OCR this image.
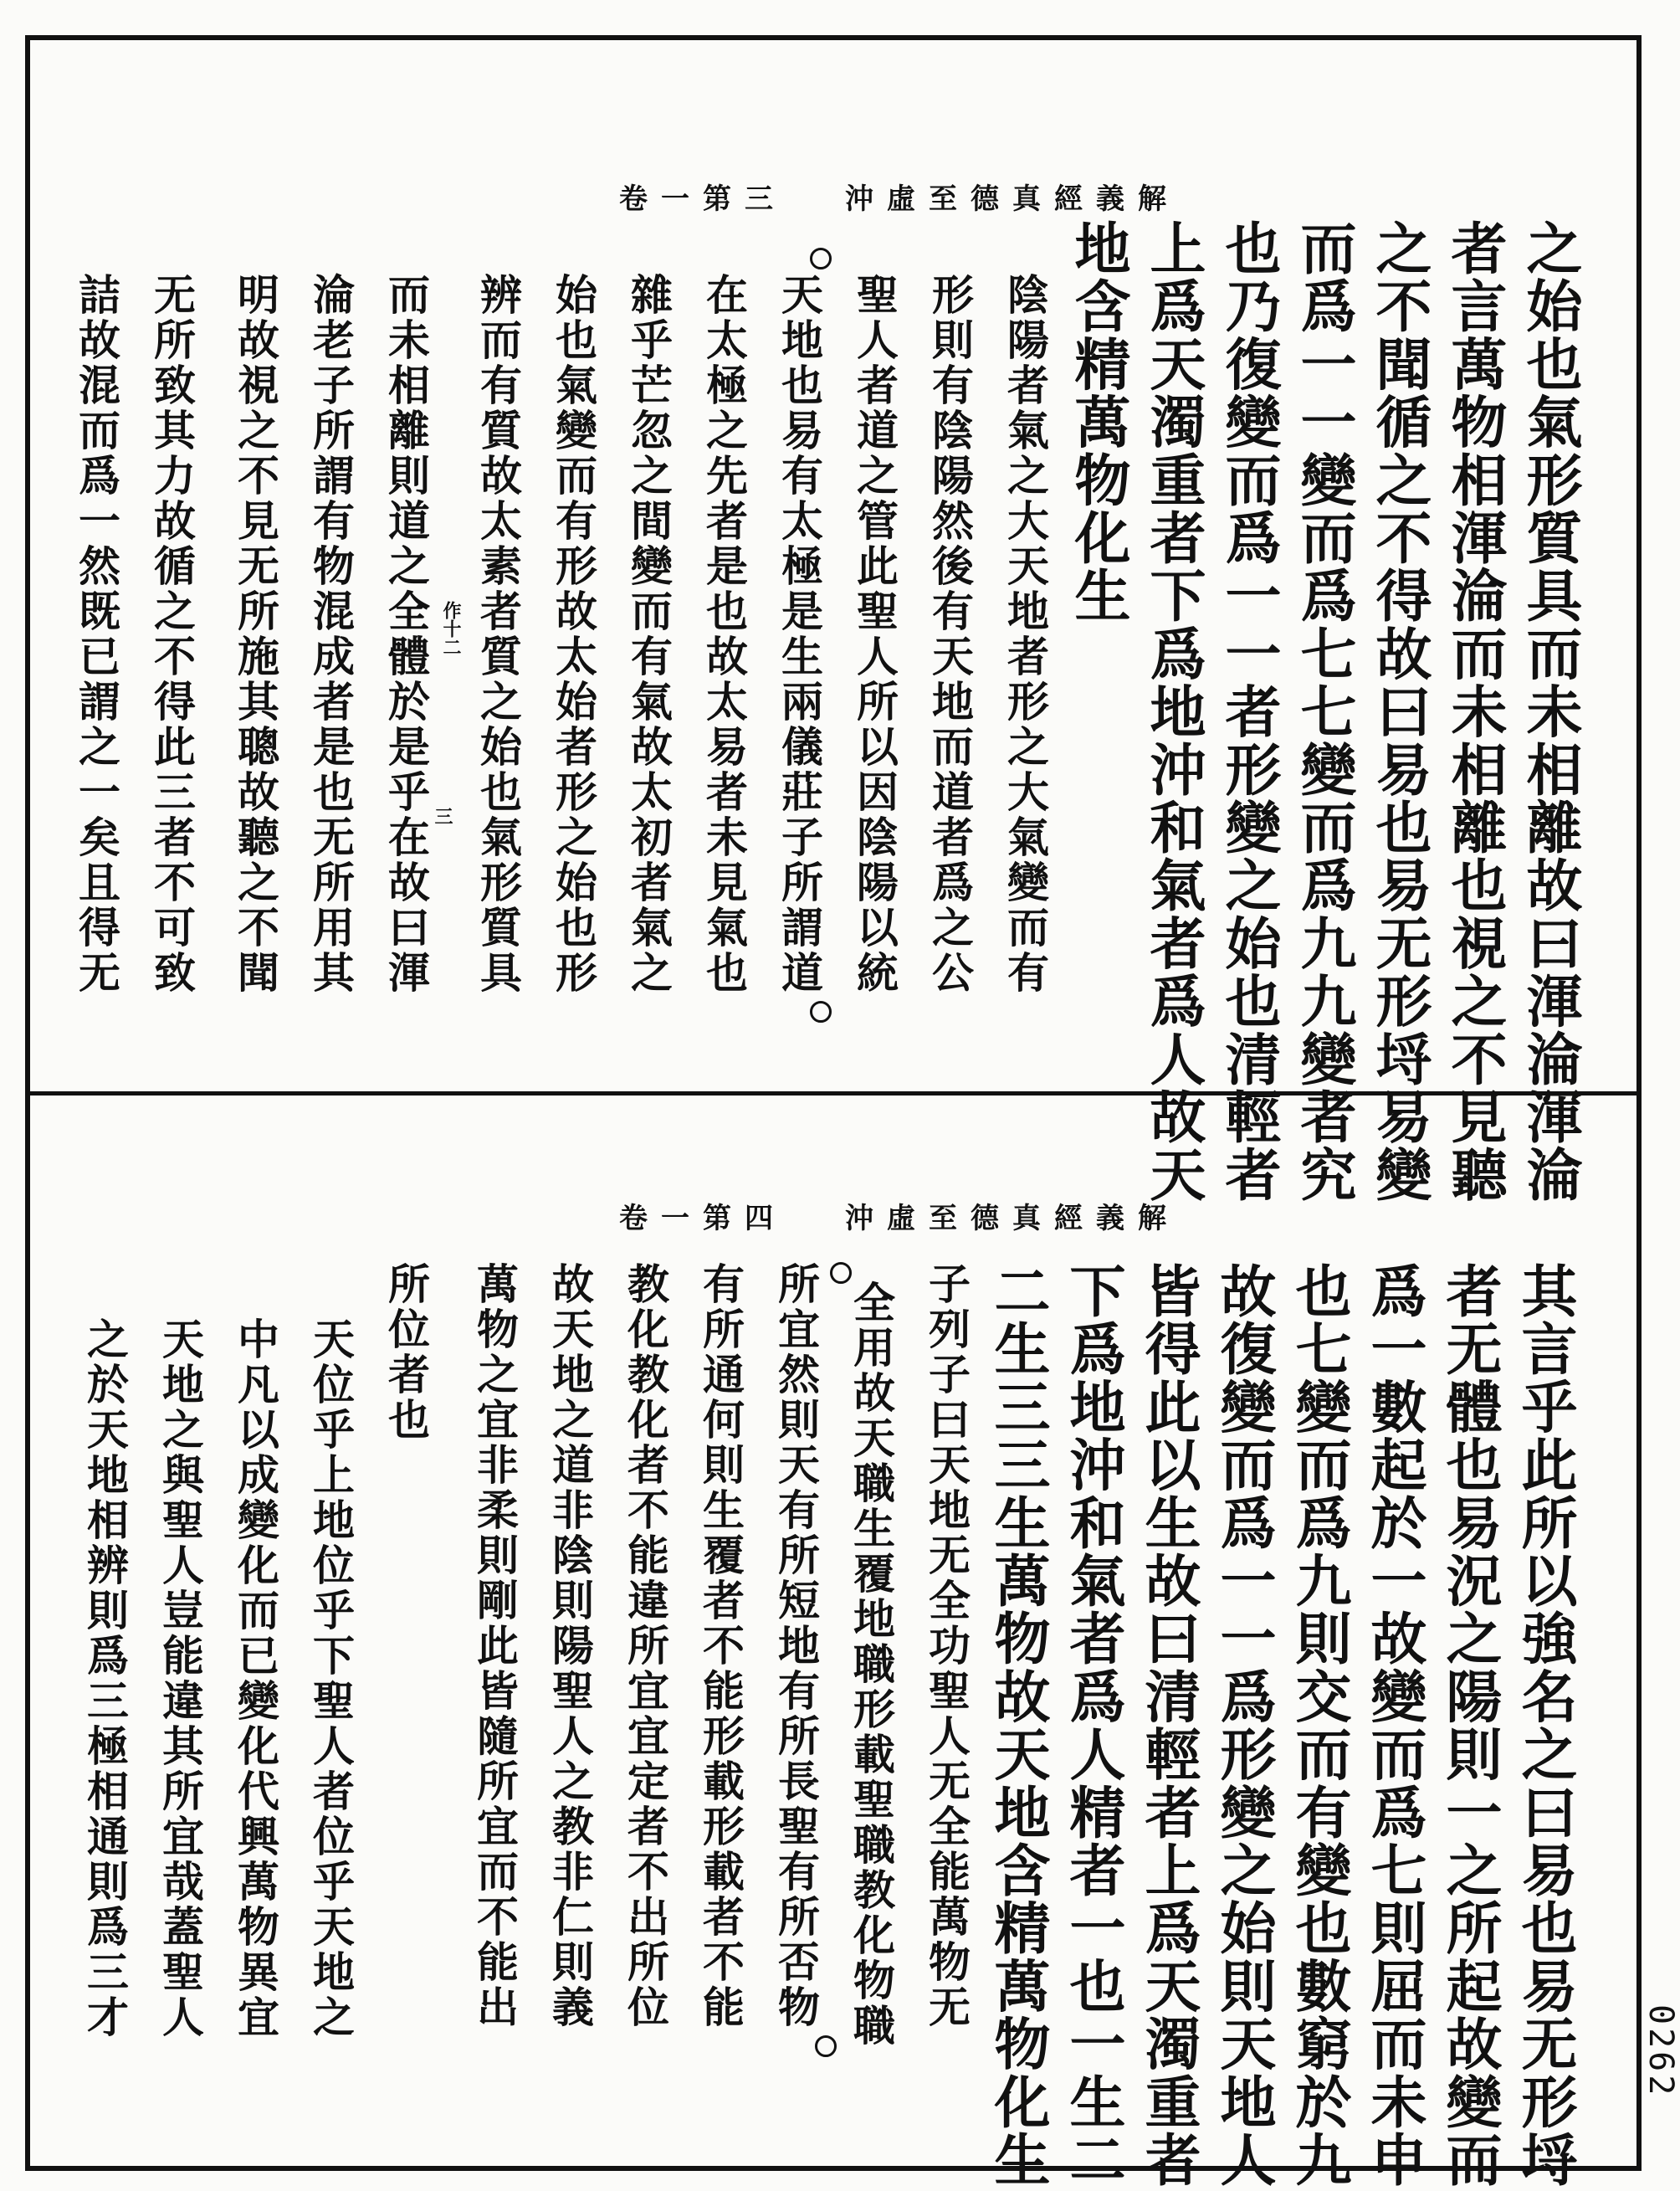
沖虛至德真經義解
卷一第三
之始也氣形質具而未相離故曰渾淪渾淪
者言萬物相渾淪而未相離也視之不見聽
之不聞循之不得故曰易也易无形埒易變
而爲一一變而爲七七變而爲九九變者究
也乃復變而爲一一者形變之始也清輕者
上爲天濁重者下爲地沖和氣者爲人故天
地含精萬物化生
陰陽者氣之大天地者形之大氣變而有
形則有陰陽然後有天地而道者爲之公
聖人者道之管此聖人所以因陰陽以統
天地也易有太極是生兩儀莊子所謂道
在太極之先者是也故太易者未見氣也
雜乎芒忽之間變而有氣故太初者氣之
始也氣變而有形故太始者形之始也形
辨而有質故太素者質之始也氣形質具
而未相離則道之全體於是乎在故曰渾
淪老子所謂有物混成者是也无所用其
明故視之不見无所施其聰故聽之不聞
无所致其力故循之不得此三者不可致
詰故混而爲一然既已謂之一矣且得无	作十二
三
沖虛至德真經義解
卷一第四
其言乎此所以強名之曰易也易无形埒
者无體也易況之陽則一之所起故變而
爲一數起於一故變而爲七則屈而未申
也七變而爲九則交而有變也數窮於九
故復變而爲一一爲形變之始則天地人
皆得此以生故曰清輕者上爲天濁重者
下爲地沖和氣者爲人精者一也一生二
二生三三生萬物故天地含精萬物化生
子列子曰天地无全功聖人无全能萬物无
全用故天職生覆地職形載聖職教化物職
所宜然則天有所短地有所長聖有所否物
有所通何則生覆者不能形載形載者不能
教化教化者不能違所宜宜定者不出所位
故天地之道非陰則陽聖人之教非仁則義
萬物之宜非柔則剛此皆隨所宜而不能出
所位者也
天位乎上地位乎下聖人者位乎天地之
中凡以成變化而已變化代興萬物異宜
天地之與聖人豈能違其所宜哉蓋聖人
之於天地相辨則爲三極相通則爲三才
0262
